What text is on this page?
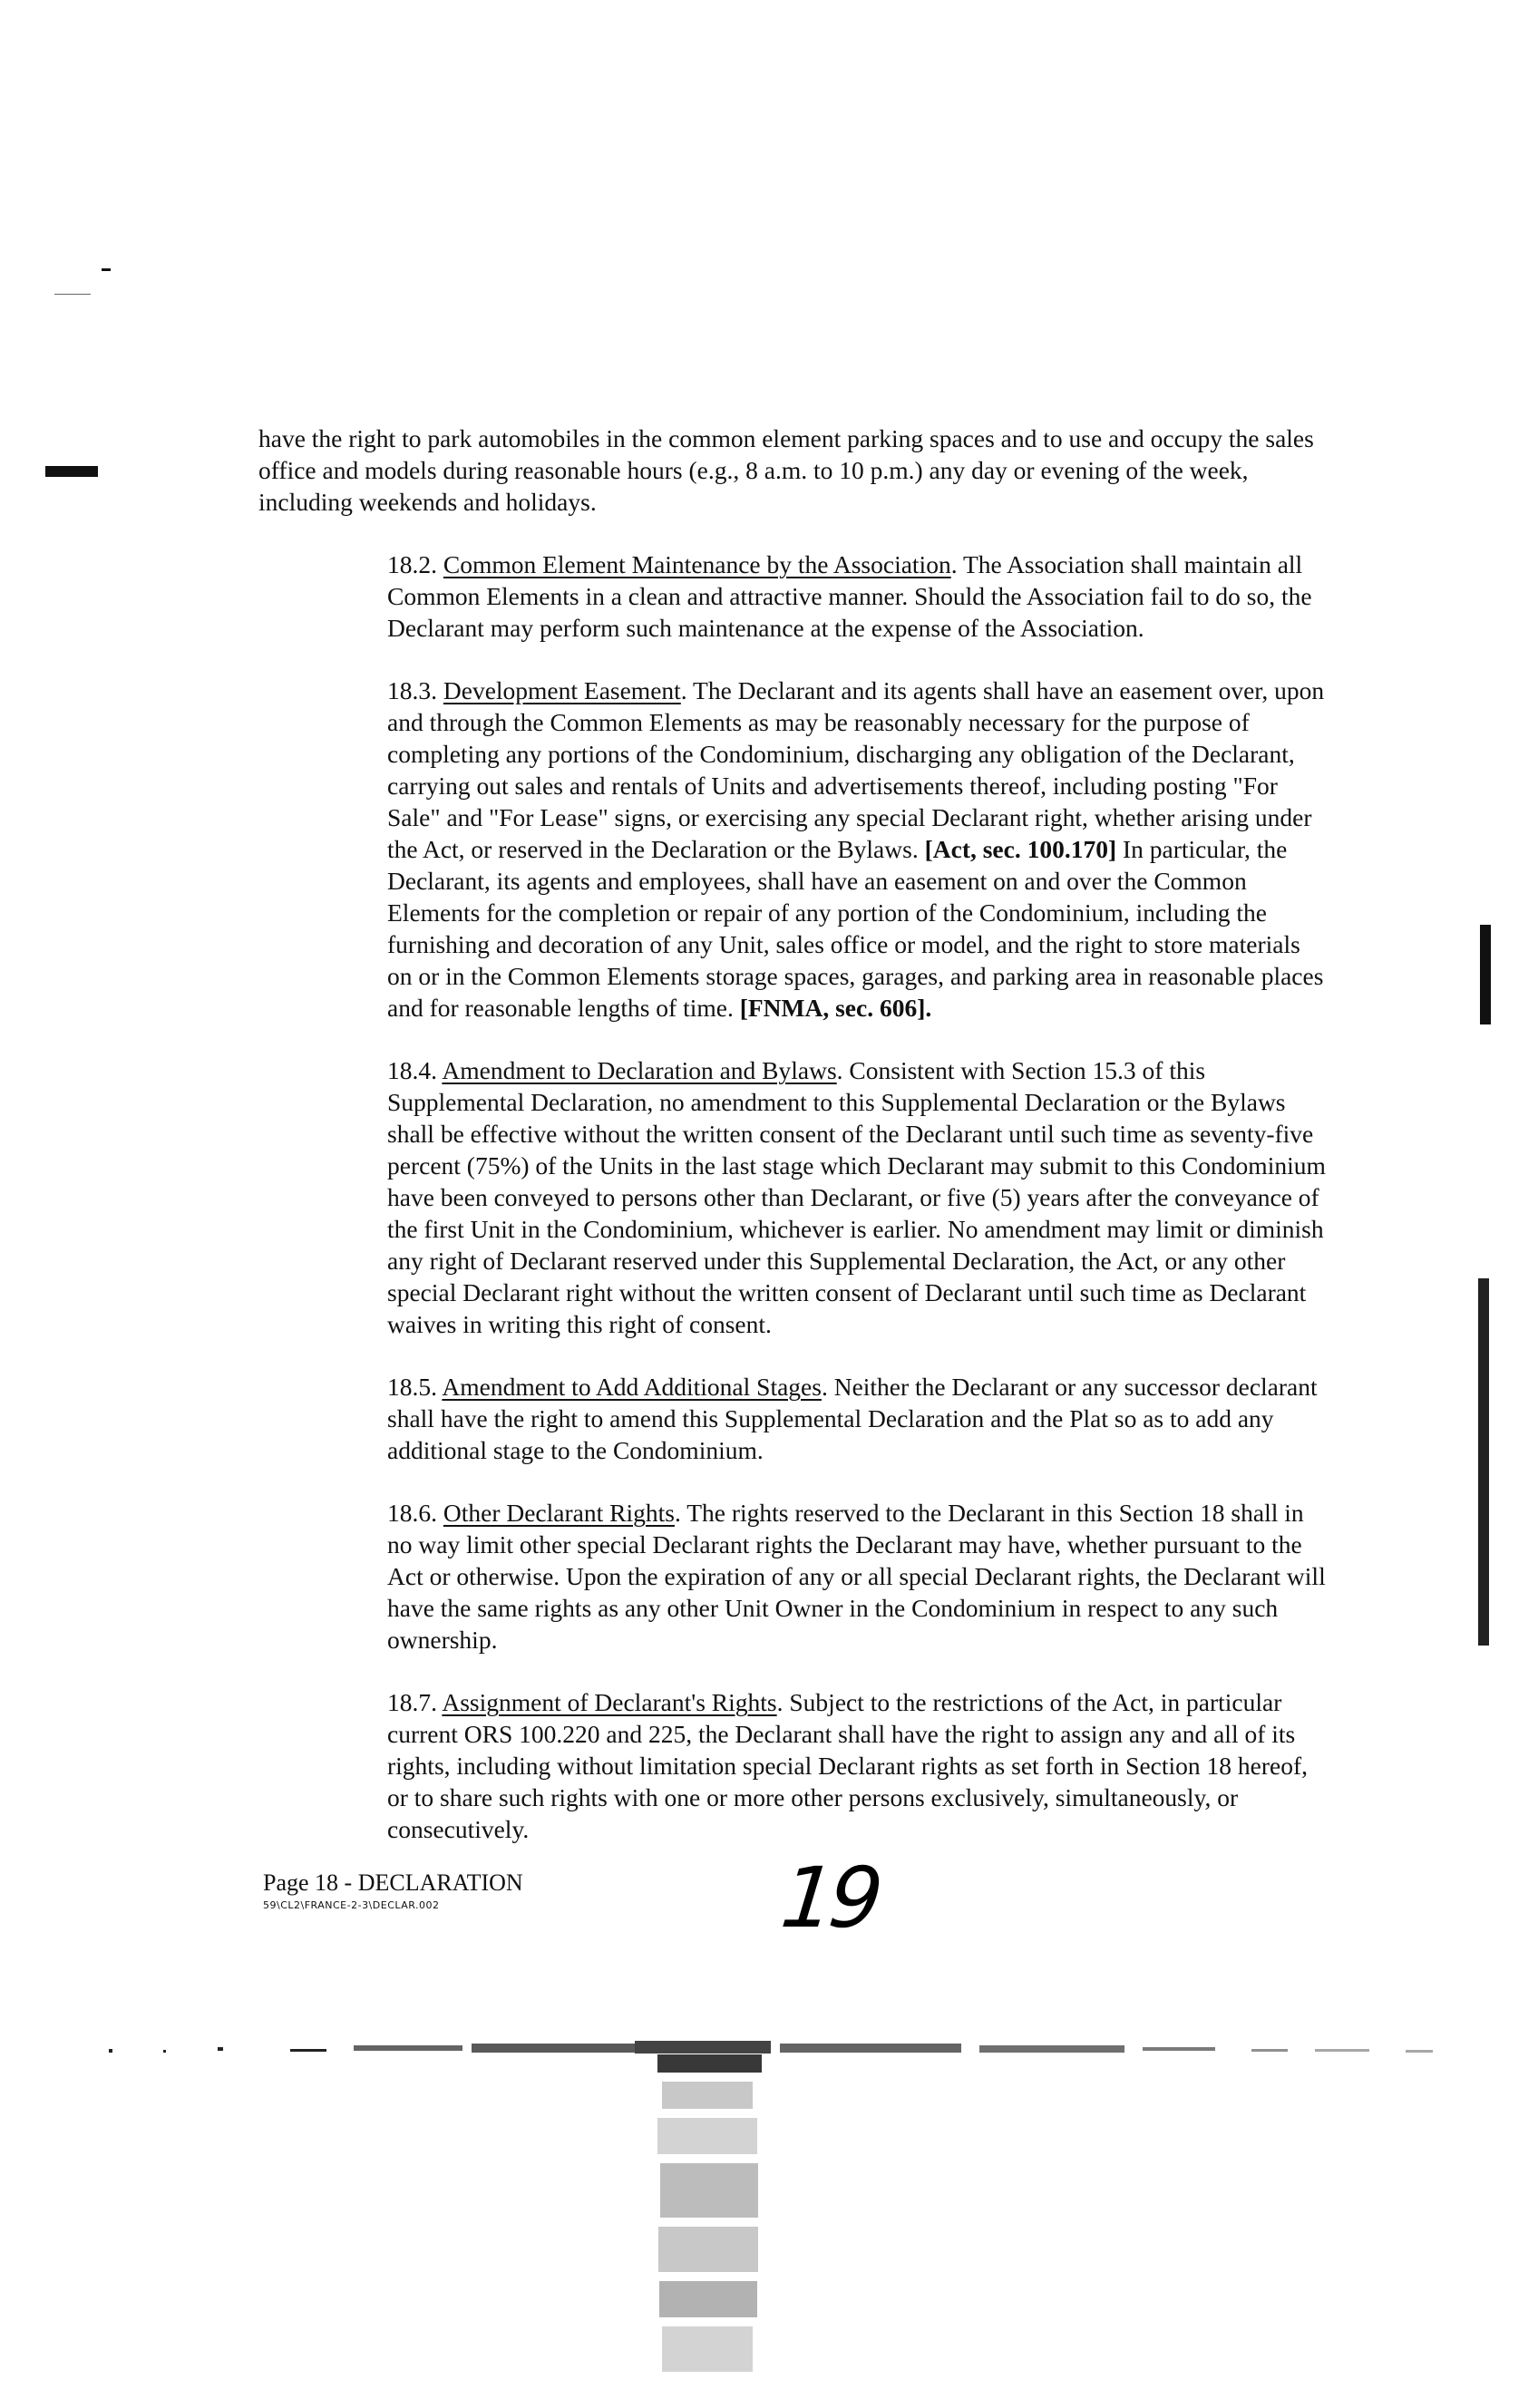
have the right to park automobiles in the common element parking spaces and to use and occupy the sales office and models during reasonable hours (e.g., 8 a.m. to 10 p.m.) any day or evening of the week, including weekends and holidays.

18.2. Common Element Maintenance by the Association. The Association shall maintain all Common Elements in a clean and attractive manner. Should the Association fail to do so, the Declarant may perform such maintenance at the expense of the Association.

18.3. Development Easement. The Declarant and its agents shall have an easement over, upon and through the Common Elements as may be reasonably necessary for the purpose of completing any portions of the Condominium, discharging any obligation of the Declarant, carrying out sales and rentals of Units and advertisements thereof, including posting "For Sale" and "For Lease" signs, or exercising any special Declarant right, whether arising under the Act, or reserved in the Declaration or the Bylaws. [Act, sec. 100.170] In particular, the Declarant, its agents and employees, shall have an easement on and over the Common Elements for the completion or repair of any portion of the Condominium, including the furnishing and decoration of any Unit, sales office or model, and the right to store materials on or in the Common Elements storage spaces, garages, and parking area in reasonable places and for reasonable lengths of time. [FNMA, sec. 606].

18.4. Amendment to Declaration and Bylaws. Consistent with Section 15.3 of this Supplemental Declaration, no amendment to this Supplemental Declaration or the Bylaws shall be effective without the written consent of the Declarant until such time as seventy-five percent (75%) of the Units in the last stage which Declarant may submit to this Condominium have been conveyed to persons other than Declarant, or five (5) years after the conveyance of the first Unit in the Condominium, whichever is earlier. No amendment may limit or diminish any right of Declarant reserved under this Supplemental Declaration, the Act, or any other special Declarant right without the written consent of Declarant until such time as Declarant waives in writing this right of consent.

18.5. Amendment to Add Additional Stages. Neither the Declarant or any successor declarant shall have the right to amend this Supplemental Declaration and the Plat so as to add any additional stage to the Condominium.

18.6. Other Declarant Rights. The rights reserved to the Declarant in this Section 18 shall in no way limit other special Declarant rights the Declarant may have, whether pursuant to the Act or otherwise. Upon the expiration of any or all special Declarant rights, the Declarant will have the same rights as any other Unit Owner in the Condominium in respect to any such ownership.

18.7. Assignment of Declarant's Rights. Subject to the restrictions of the Act, in particular current ORS 100.220 and 225, the Declarant shall have the right to assign any and all of its rights, including without limitation special Declarant rights as set forth in Section 18 hereof, or to share such rights with one or more other persons exclusively, simultaneously, or consecutively.

Page 18 - DECLARATION
59\CL2\FRANCE-2-3\DECLAR.002	19
